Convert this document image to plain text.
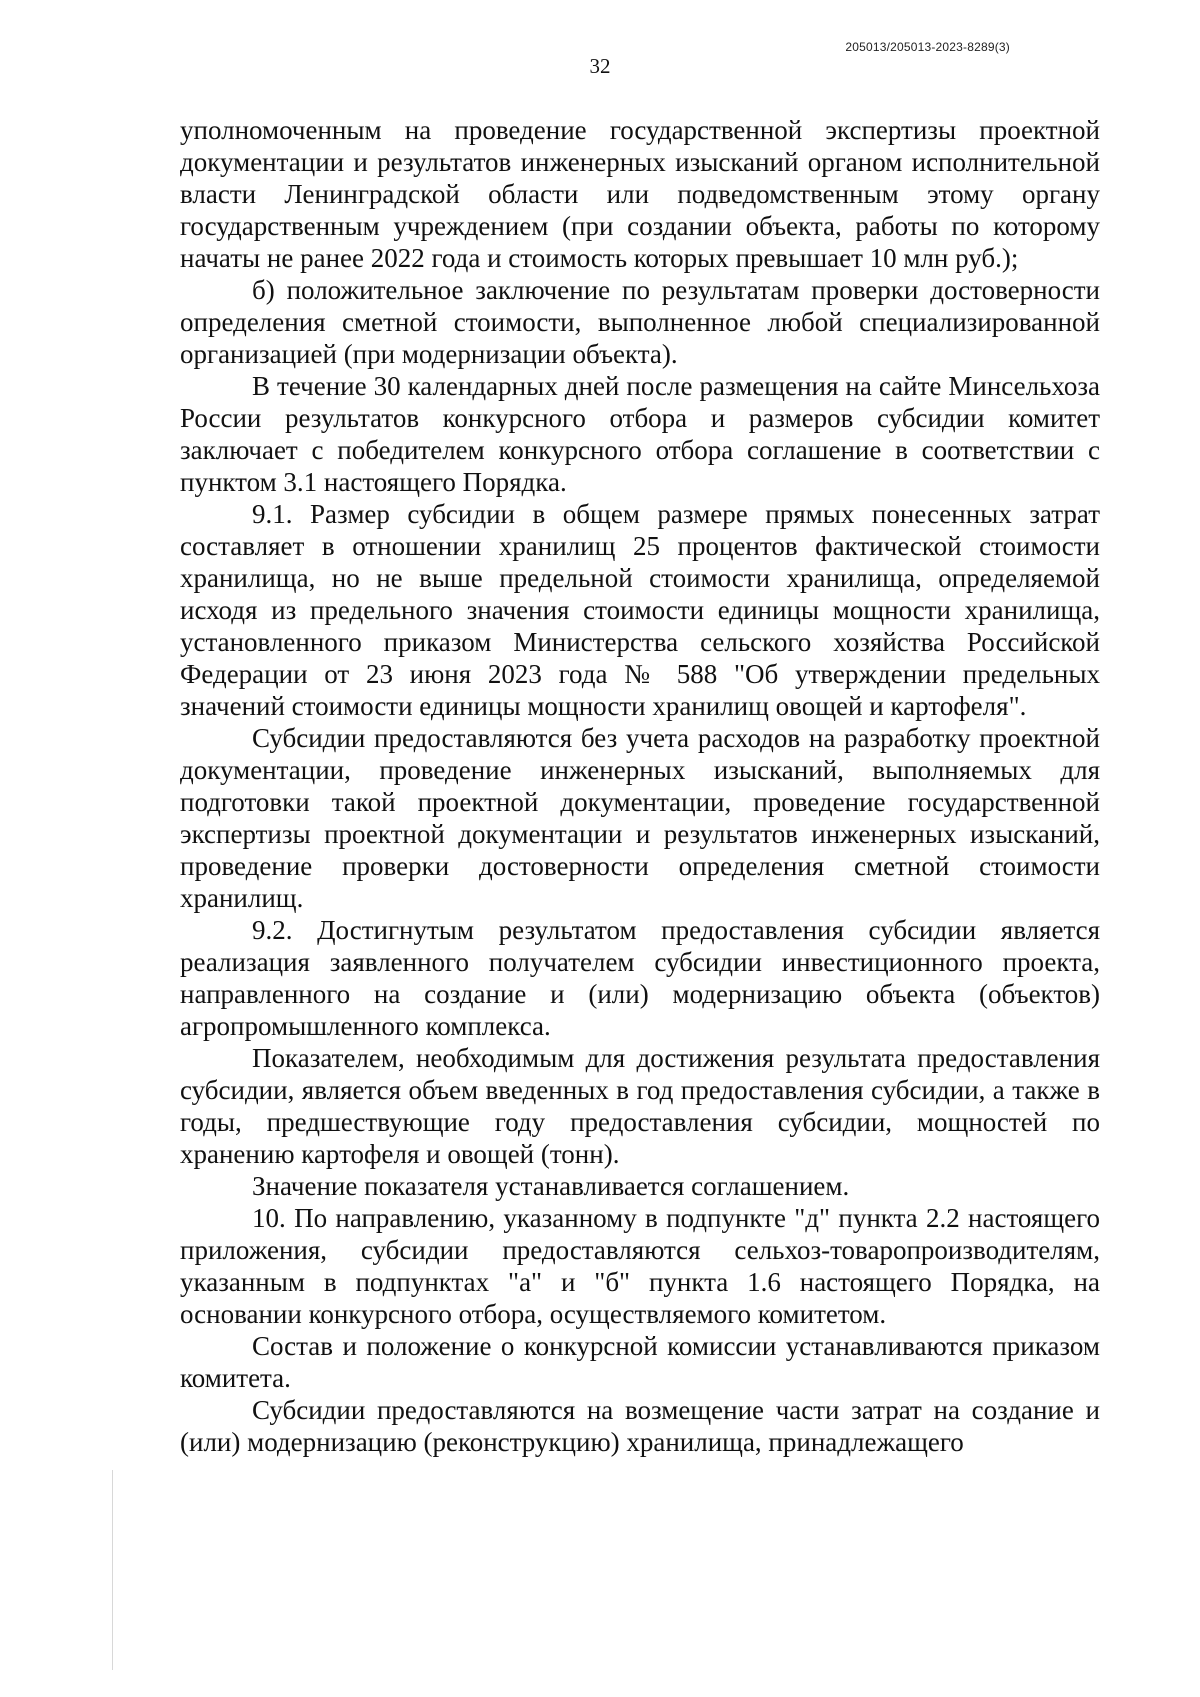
205013/205013-2023-8289(3)
32

уполномоченным на проведение государственной экспертизы проектной документации и результатов инженерных изысканий органом исполнительной власти Ленинградской области или подведомственным этому органу государственным учреждением (при создании объекта, работы по которому начаты не ранее 2022 года и стоимость которых превышает 10 млн руб.);

б) положительное заключение по результатам проверки достоверности определения сметной стоимости, выполненное любой специализированной организацией (при модернизации объекта).

В течение 30 календарных дней после размещения на сайте Минсельхоза России результатов конкурсного отбора и размеров субсидии комитет заключает с победителем конкурсного отбора соглашение в соответствии с пунктом 3.1 настоящего Порядка.

9.1. Размер субсидии в общем размере прямых понесенных затрат составляет в отношении хранилищ 25 процентов фактической стоимости хранилища, но не выше предельной стоимости хранилища, определяемой исходя из предельного значения стоимости единицы мощности хранилища, установленного приказом Министерства сельского хозяйства Российской Федерации от 23 июня 2023 года № 588 "Об утверждении предельных значений стоимости единицы мощности хранилищ овощей и картофеля".

Субсидии предоставляются без учета расходов на разработку проектной документации, проведение инженерных изысканий, выполняемых для подготовки такой проектной документации, проведение государственной экспертизы проектной документации и результатов инженерных изысканий, проведение проверки достоверности определения сметной стоимости хранилищ.

9.2. Достигнутым результатом предоставления субсидии является реализация заявленного получателем субсидии инвестиционного проекта, направленного на создание и (или) модернизацию объекта (объектов) агропромышленного комплекса.

Показателем, необходимым для достижения результата предоставления субсидии, является объем введенных в год предоставления субсидии, а также в годы, предшествующие году предоставления субсидии, мощностей по хранению картофеля и овощей (тонн).

Значение показателя устанавливается соглашением.

10. По направлению, указанному в подпункте "д" пункта 2.2 настоящего приложения, субсидии предоставляются сельхоз-товаропроизводителям, указанным в подпунктах "а" и "б" пункта 1.6 настоящего Порядка, на основании конкурсного отбора, осуществляемого комитетом.

Состав и положение о конкурсной комиссии устанавливаются приказом комитета.

Субсидии предоставляются на возмещение части затрат на создание и (или) модернизацию (реконструкцию) хранилища, принадлежащего
